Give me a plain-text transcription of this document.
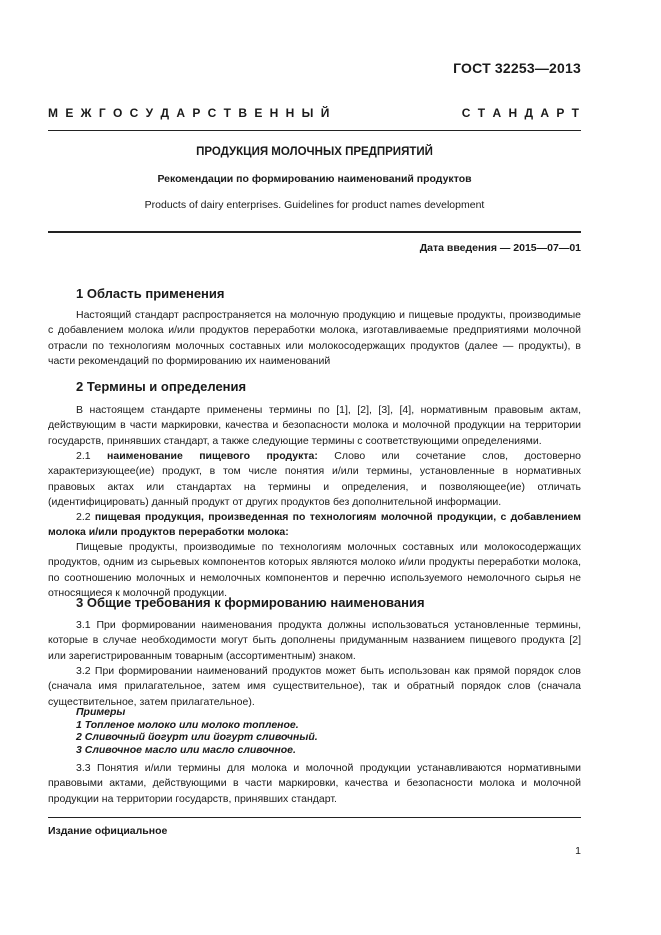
ГОСТ 32253—2013
М Е Ж Г О С У Д А Р С Т В Е Н Н Ы Й	С Т А Н Д А Р Т
ПРОДУКЦИЯ МОЛОЧНЫХ ПРЕДПРИЯТИЙ
Рекомендации по формированию наименований продуктов
Products of dairy enterprises. Guidelines for product names development
Дата введения — 2015—07—01
1 Область применения
Настоящий стандарт распространяется на молочную продукцию и пищевые продукты, производимые с добавлением молока и/или продуктов переработки молока, изготавливаемые предприятиями молочной отрасли по технологиям молочных составных или молокосодержащих продуктов (далее — продукты), в части рекомендаций по формированию их наименований
2 Термины и определения
В настоящем стандарте применены термины по [1], [2], [3], [4], нормативным правовым актам, действующим в части маркировки, качества и безопасности молока и молочной продукции на территории государств, принявших стандарт, а также следующие термины с соответствующими определениями.
2.1 наименование пищевого продукта: Слово или сочетание слов, достоверно характеризующее(ие) продукт, в том числе понятия и/или термины, установленные в нормативных правовых актах или стандартах на термины и определения, и позволяющее(ие) отличать (идентифицировать) данный продукт от других продуктов без дополнительной информации.
2.2 пищевая продукция, произведенная по технологиям молочной продукции, с добавлением молока и/или продуктов переработки молока:
Пищевые продукты, производимые по технологиям молочных составных или молокосодержащих продуктов, одним из сырьевых компонентов которых являются молоко и/или продукты переработки молока, по соотношению молочных и немолочных компонентов и перечню используемого немолочного сырья не относящиеся к молочной продукции.
3 Общие требования к формированию наименования
3.1 При формировании наименования продукта должны использоваться установленные термины, которые в случае необходимости могут быть дополнены придуманным названием пищевого продукта [2] или зарегистрированным товарным (ассортиментным) знаком.
3.2 При формировании наименований продуктов может быть использован как прямой порядок слов (сначала имя прилагательное, затем имя существительное), так и обратный порядок слов (сначала существительное, затем прилагательное).
Примеры
1 Топленое молоко или молоко топленое.
2 Сливочный йогурт или йогурт сливочный.
3 Сливочное масло или масло сливочное.
3.3 Понятия и/или термины для молока и молочной продукции устанавливаются нормативными правовыми актами, действующими в части маркировки, качества и безопасности молока и молочной продукции на территории государств, принявших стандарт.
Издание официальное
1
